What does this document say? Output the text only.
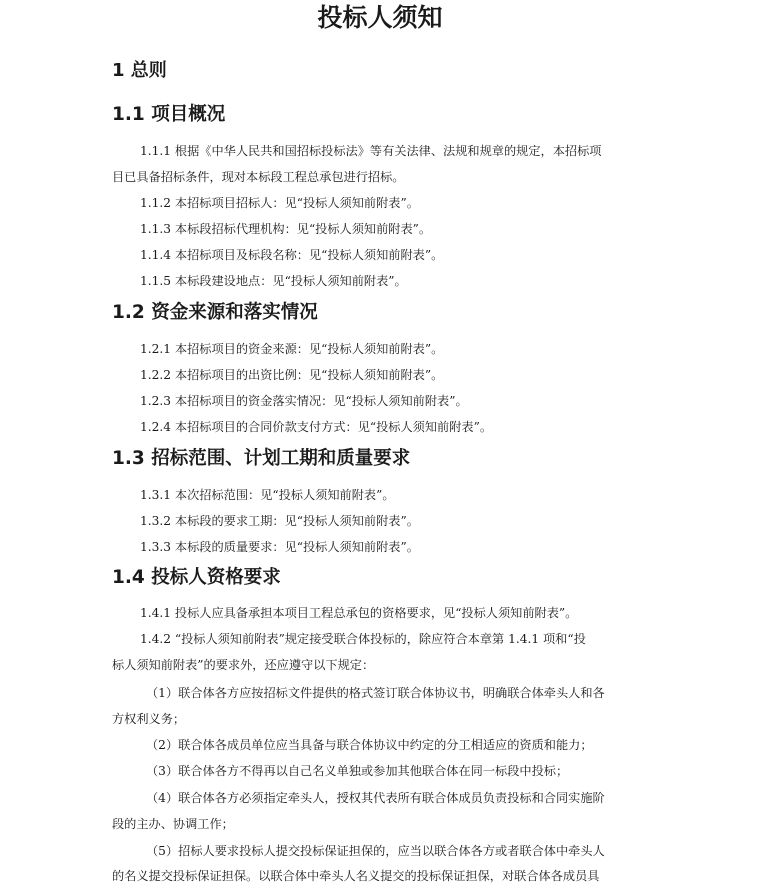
投标人须知
1 总则
1.1 项目概况

1.1.1 根据《中华人民共和国招标投标法》等有关法律、法规和规章的规定，本招标项

目已具备招标条件，现对本标段工程总承包进行招标。

1.1.2 本招标项目招标人：见“投标人须知前附表”。

1.1.3 本标段招标代理机构：见“投标人须知前附表”。

1.1.4 本招标项目及标段名称：见“投标人须知前附表”。

1.1.5 本标段建设地点：见“投标人须知前附表”。

1.2 资金来源和落实情况

1.2.1 本招标项目的资金来源：见“投标人须知前附表”。

1.2.2 本招标项目的出资比例：见“投标人须知前附表”。

1.2.3 本招标项目的资金落实情况：见“投标人须知前附表”。

1.2.4 本招标项目的合同价款支付方式：见“投标人须知前附表”。

1.3 招标范围、计划工期和质量要求

1.3.1 本次招标范围：见“投标人须知前附表”。

1.3.2 本标段的要求工期：见“投标人须知前附表”。

1.3.3 本标段的质量要求：见“投标人须知前附表”。

1.4 投标人资格要求

1.4.1 投标人应具备承担本项目工程总承包的资格要求，见“投标人须知前附表”。

1.4.2 “投标人须知前附表”规定接受联合体投标的，除应符合本章第 1.4.1 项和“投

标人须知前附表”的要求外，还应遵守以下规定：

（1）联合体各方应按招标文件提供的格式签订联合体协议书，明确联合体牵头人和各

方权利义务；

（2）联合体各成员单位应当具备与联合体协议中约定的分工相适应的资质和能力；

（3）联合体各方不得再以自己名义单独或参加其他联合体在同一标段中投标；

（4）联合体各方必须指定牵头人，授权其代表所有联合体成员负责投标和合同实施阶

段的主办、协调工作；

（5）招标人要求投标人提交投标保证担保的，应当以联合体各方或者联合体中牵头人

的名义提交投标保证担保。以联合体中牵头人名义提交的投标保证担保，对联合体各成员具
